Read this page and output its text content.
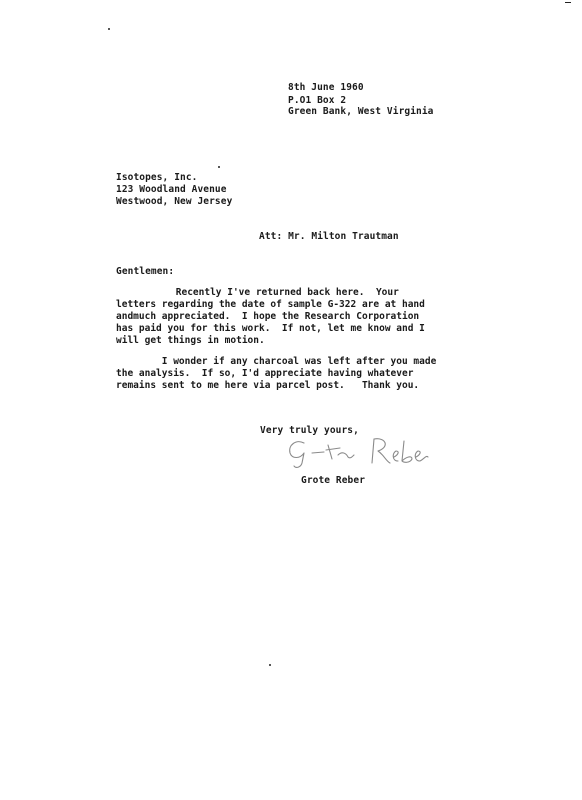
8th June 1960
P.O1 Box 2
Green Bank, West Virginia
Isotopes, Inc.
123 Woodland Avenue
Westwood, New Jersey
Att: Mr. Milton Trautman
Gentlemen:
Recently I've returned back here.  Your
letters regarding the date of sample G-322 are at hand
andmuch appreciated.  I hope the Research Corporation
has paid you for this work.  If not, let me know and I
will get things in motion.
I wonder if any charcoal was left after you made
the analysis.  If so, I'd appreciate having whatever
remains sent to me here via parcel post.   Thank you.
Very truly yours,
Grote Reber
